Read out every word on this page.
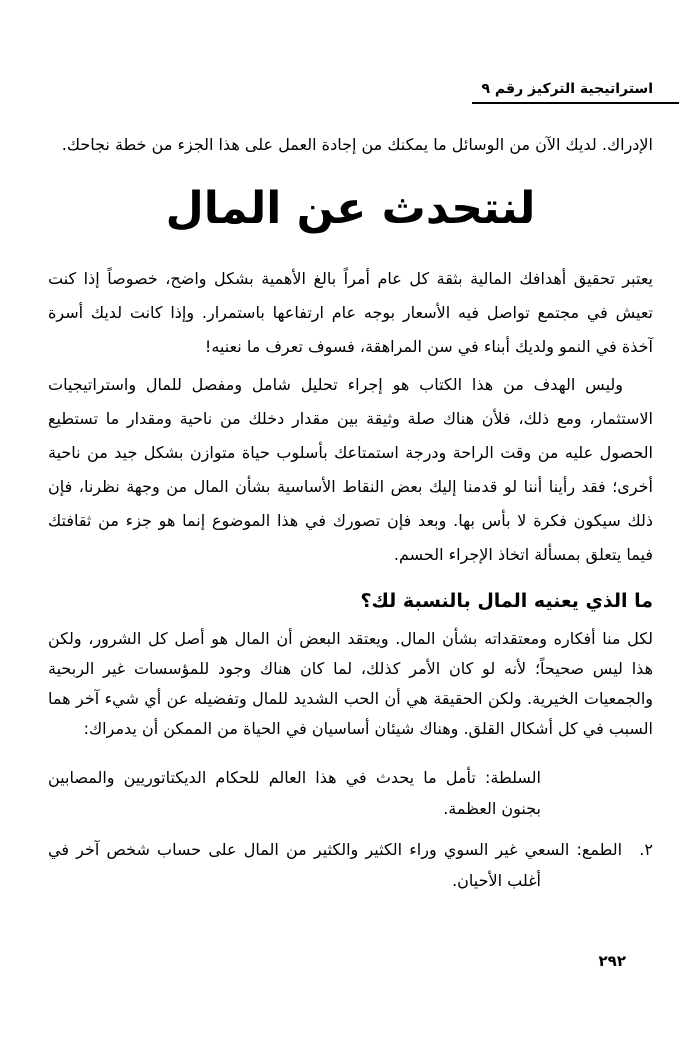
استراتيجية التركيز رقم ٩

الإدراك. لديك الآن من الوسائل ما يمكنك من إجادة العمل على هذا الجزء من خطة نجاحك.

لنتحدث عن المال

يعتبر تحقيق أهدافك المالية بثقة كل عام أمراً بالغ الأهمية بشكل واضح، خصوصاً إذا كنت تعيش في مجتمع تواصل فيه الأسعار بوجه عام ارتفاعها باستمرار. وإذا كانت لديك أسرة آخذة في النمو ولديك أبناء في سن المراهقة، فسوف تعرف ما نعنيه!

وليس الهدف من هذا الكتاب هو إجراء تحليل شامل ومفصل للمال واستراتيجيات الاستثمار، ومع ذلك، فلأن هناك صلة وثيقة بين مقدار دخلك من ناحية ومقدار ما تستطيع الحصول عليه من وقت الراحة ودرجة استمتاعك بأسلوب حياة متوازن بشكل جيد من ناحية أخرى؛ فقد رأينا أننا لو قدمنا إليك بعض النقاط الأساسية بشأن المال من وجهة نظرنا، فإن ذلك سيكون فكرة لا بأس بها. وبعد فإن تصورك في هذا الموضوع إنما هو جزء من ثقافتك فيما يتعلق بمسألة اتخاذ الإجراء الحسم.

ما الذي يعنيه المال بالنسبة لك؟

لكل منا أفكاره ومعتقداته بشأن المال. ويعتقد البعض أن المال هو أصل كل الشرور، ولكن هذا ليس صحيحاً؛ لأنه لو كان الأمر كذلك، لما كان هناك وجود للمؤسسات غير الربحية والجمعيات الخيرية. ولكن الحقيقة هي أن الحب الشديد للمال وتفضيله عن أي شيء آخر هما السبب في كل أشكال القلق. وهناك شيئان أساسيان في الحياة من الممكن أن يدمراك:

السلطة: تأمل ما يحدث في هذا العالم للحكام الديكتاتوريين والمصابين بجنون العظمة.

٢. الطمع: السعي غير السوي وراء الكثير والكثير من المال على حساب شخص آخر في أغلب الأحيان.

٢٩٢
